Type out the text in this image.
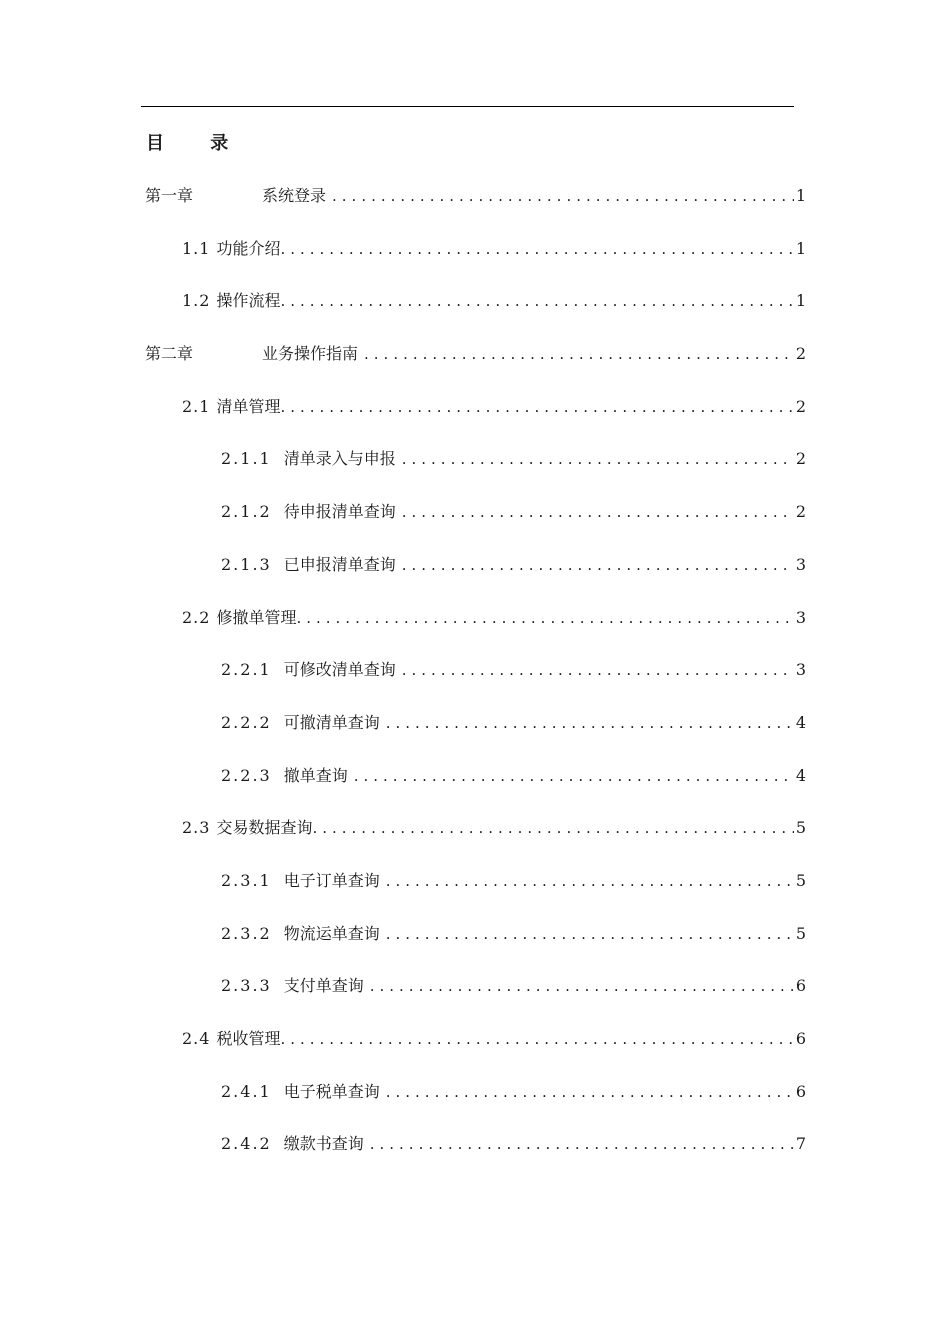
目 录
第一章	系统登录 .....	1
1.1 功能介绍 .....	1
1.2 操作流程 .....	1
第二章	业务操作指南 .....	2
2.1 清单管理 .....	2
2.1.1 清单录入与申报 .....	2
2.1.2 待申报清单查询 .....	2
2.1.3 已申报清单查询 .....	3
2.2 修撤单管理 .....	3
2.2.1 可修改清单查询 .....	3
2.2.2 可撤清单查询 .....	4
2.2.3 撤单查询 .....	4
2.3 交易数据查询 .....	5
2.3.1 电子订单查询 .....	5
2.3.2 物流运单查询 .....	5
2.3.3 支付单查询 .....	6
2.4 税收管理 .....	6
2.4.1 电子税单查询 .....	6
2.4.2 缴款书查询 .....	7
